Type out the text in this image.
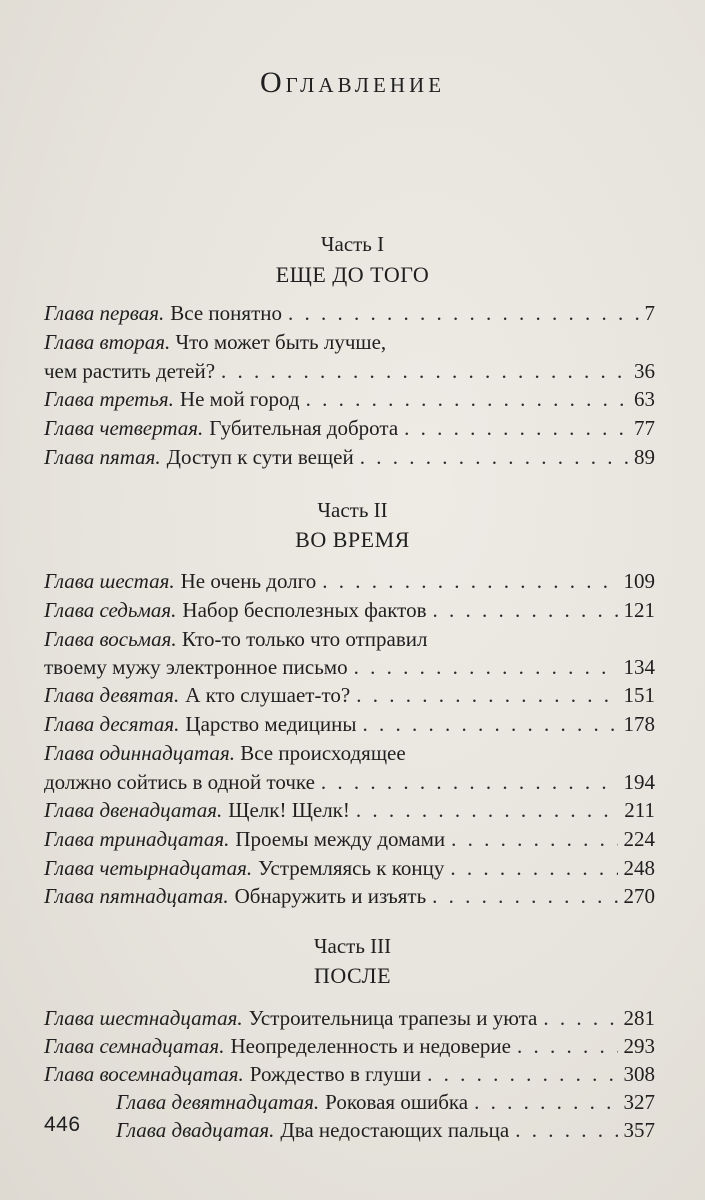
Оглавление
Часть I
ЕЩЕ ДО ТОГО
Глава первая. Все понятно . . .	7
Глава вторая. Что может быть лучше,
чем растить детей? . . .	36
Глава третья. Не мой город . . .	63
Глава четвертая. Губительная доброта . . .	77
Глава пятая. Доступ к сути вещей . . .	89
Часть II
ВО ВРЕМЯ
Глава шестая. Не очень долго . . .	109
Глава седьмая. Набор бесполезных фактов . . .	121
Глава восьмая. Кто-то только что отправил
твоему мужу электронное письмо . . .	134
Глава девятая. А кто слушает-то? . . .	151
Глава десятая. Царство медицины . . .	178
Глава одиннадцатая. Все происходящее
должно сойтись в одной точке . . .	194
Глава двенадцатая. Щелк! Щелк! . . .	211
Глава тринадцатая. Проемы между домами . . .	224
Глава четырнадцатая. Устремляясь к концу . . .	248
Глава пятнадцатая. Обнаружить и изъять . . .	270
Часть III
ПОСЛЕ
Глава шестнадцатая. Устроительница трапезы и уюта . . .	281
Глава семнадцатая. Неопределенность и недоверие . . .	293
Глава восемнадцатая. Рождество в глуши . . .	308
Глава девятнадцатая. Роковая ошибка . . .	327
Глава двадцатая. Два недостающих пальца . . .	357
446
